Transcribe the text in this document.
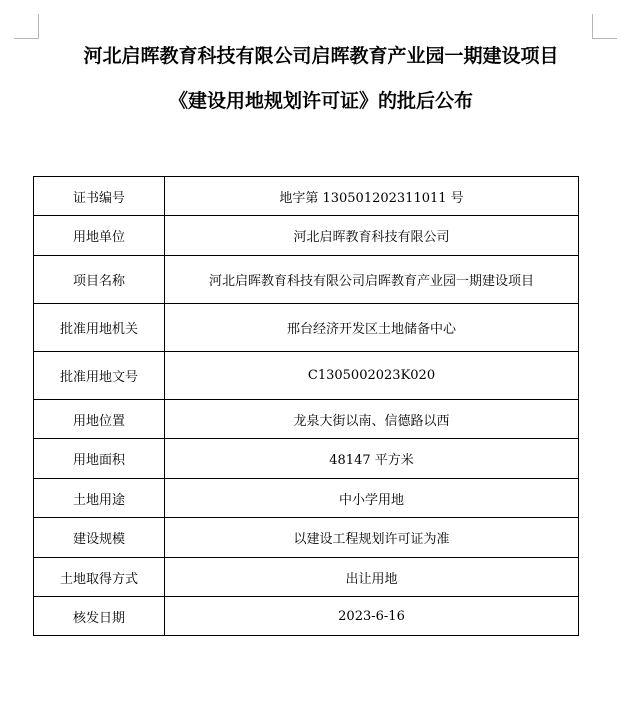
河北启晖教育科技有限公司启晖教育产业园一期建设项目
《建设用地规划许可证》的批后公布
证书编号	地字第 130501202311011 号
用地单位	河北启晖教育科技有限公司
项目名称	河北启晖教育科技有限公司启晖教育产业园一期建设项目
批准用地机关	邢台经济开发区土地储备中心
批准用地文号	C1305002023K020
用地位置	龙泉大街以南、信德路以西
用地面积	48147 平方米
土地用途	中小学用地
建设规模	以建设工程规划许可证为准
土地取得方式	出让用地
核发日期	2023-6-16
